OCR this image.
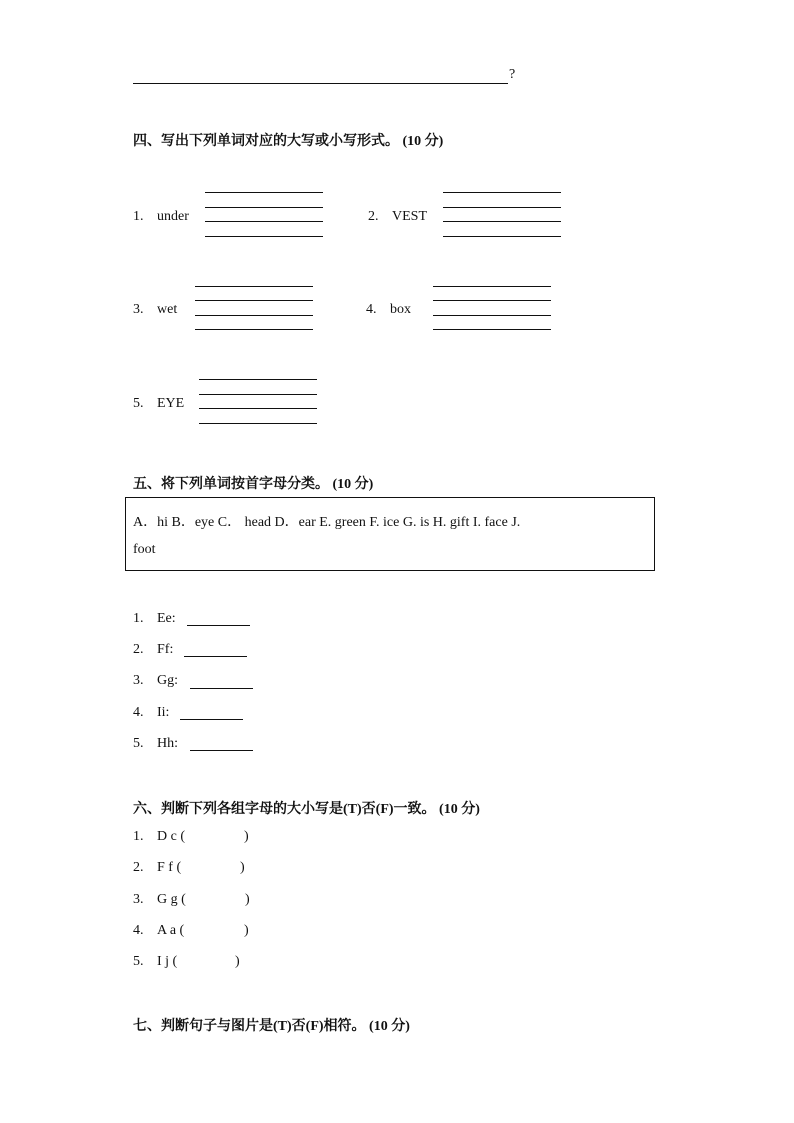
?
四、写出下列单词对应的大写或小写形式。 (10 分)
1. under	2. VEST
3. wet	4. box
5. EYE
五、将下列单词按首字母分类。 (10 分)
A．hi B．eye C． head D．ear E. green F. ice G. is H. gift I. face J.
foot
1. Ee:
2. Ff:
3. Gg:
4. Ii:
5. Hh:
六、判断下列各组字母的大小写是(T)否(F)一致。 (10 分)
1. D c (	)
2. F f (	)
3. G g (	)
4. A a (	)
5. I j (	)
七、判断句子与图片是(T)否(F)相符。 (10 分)
